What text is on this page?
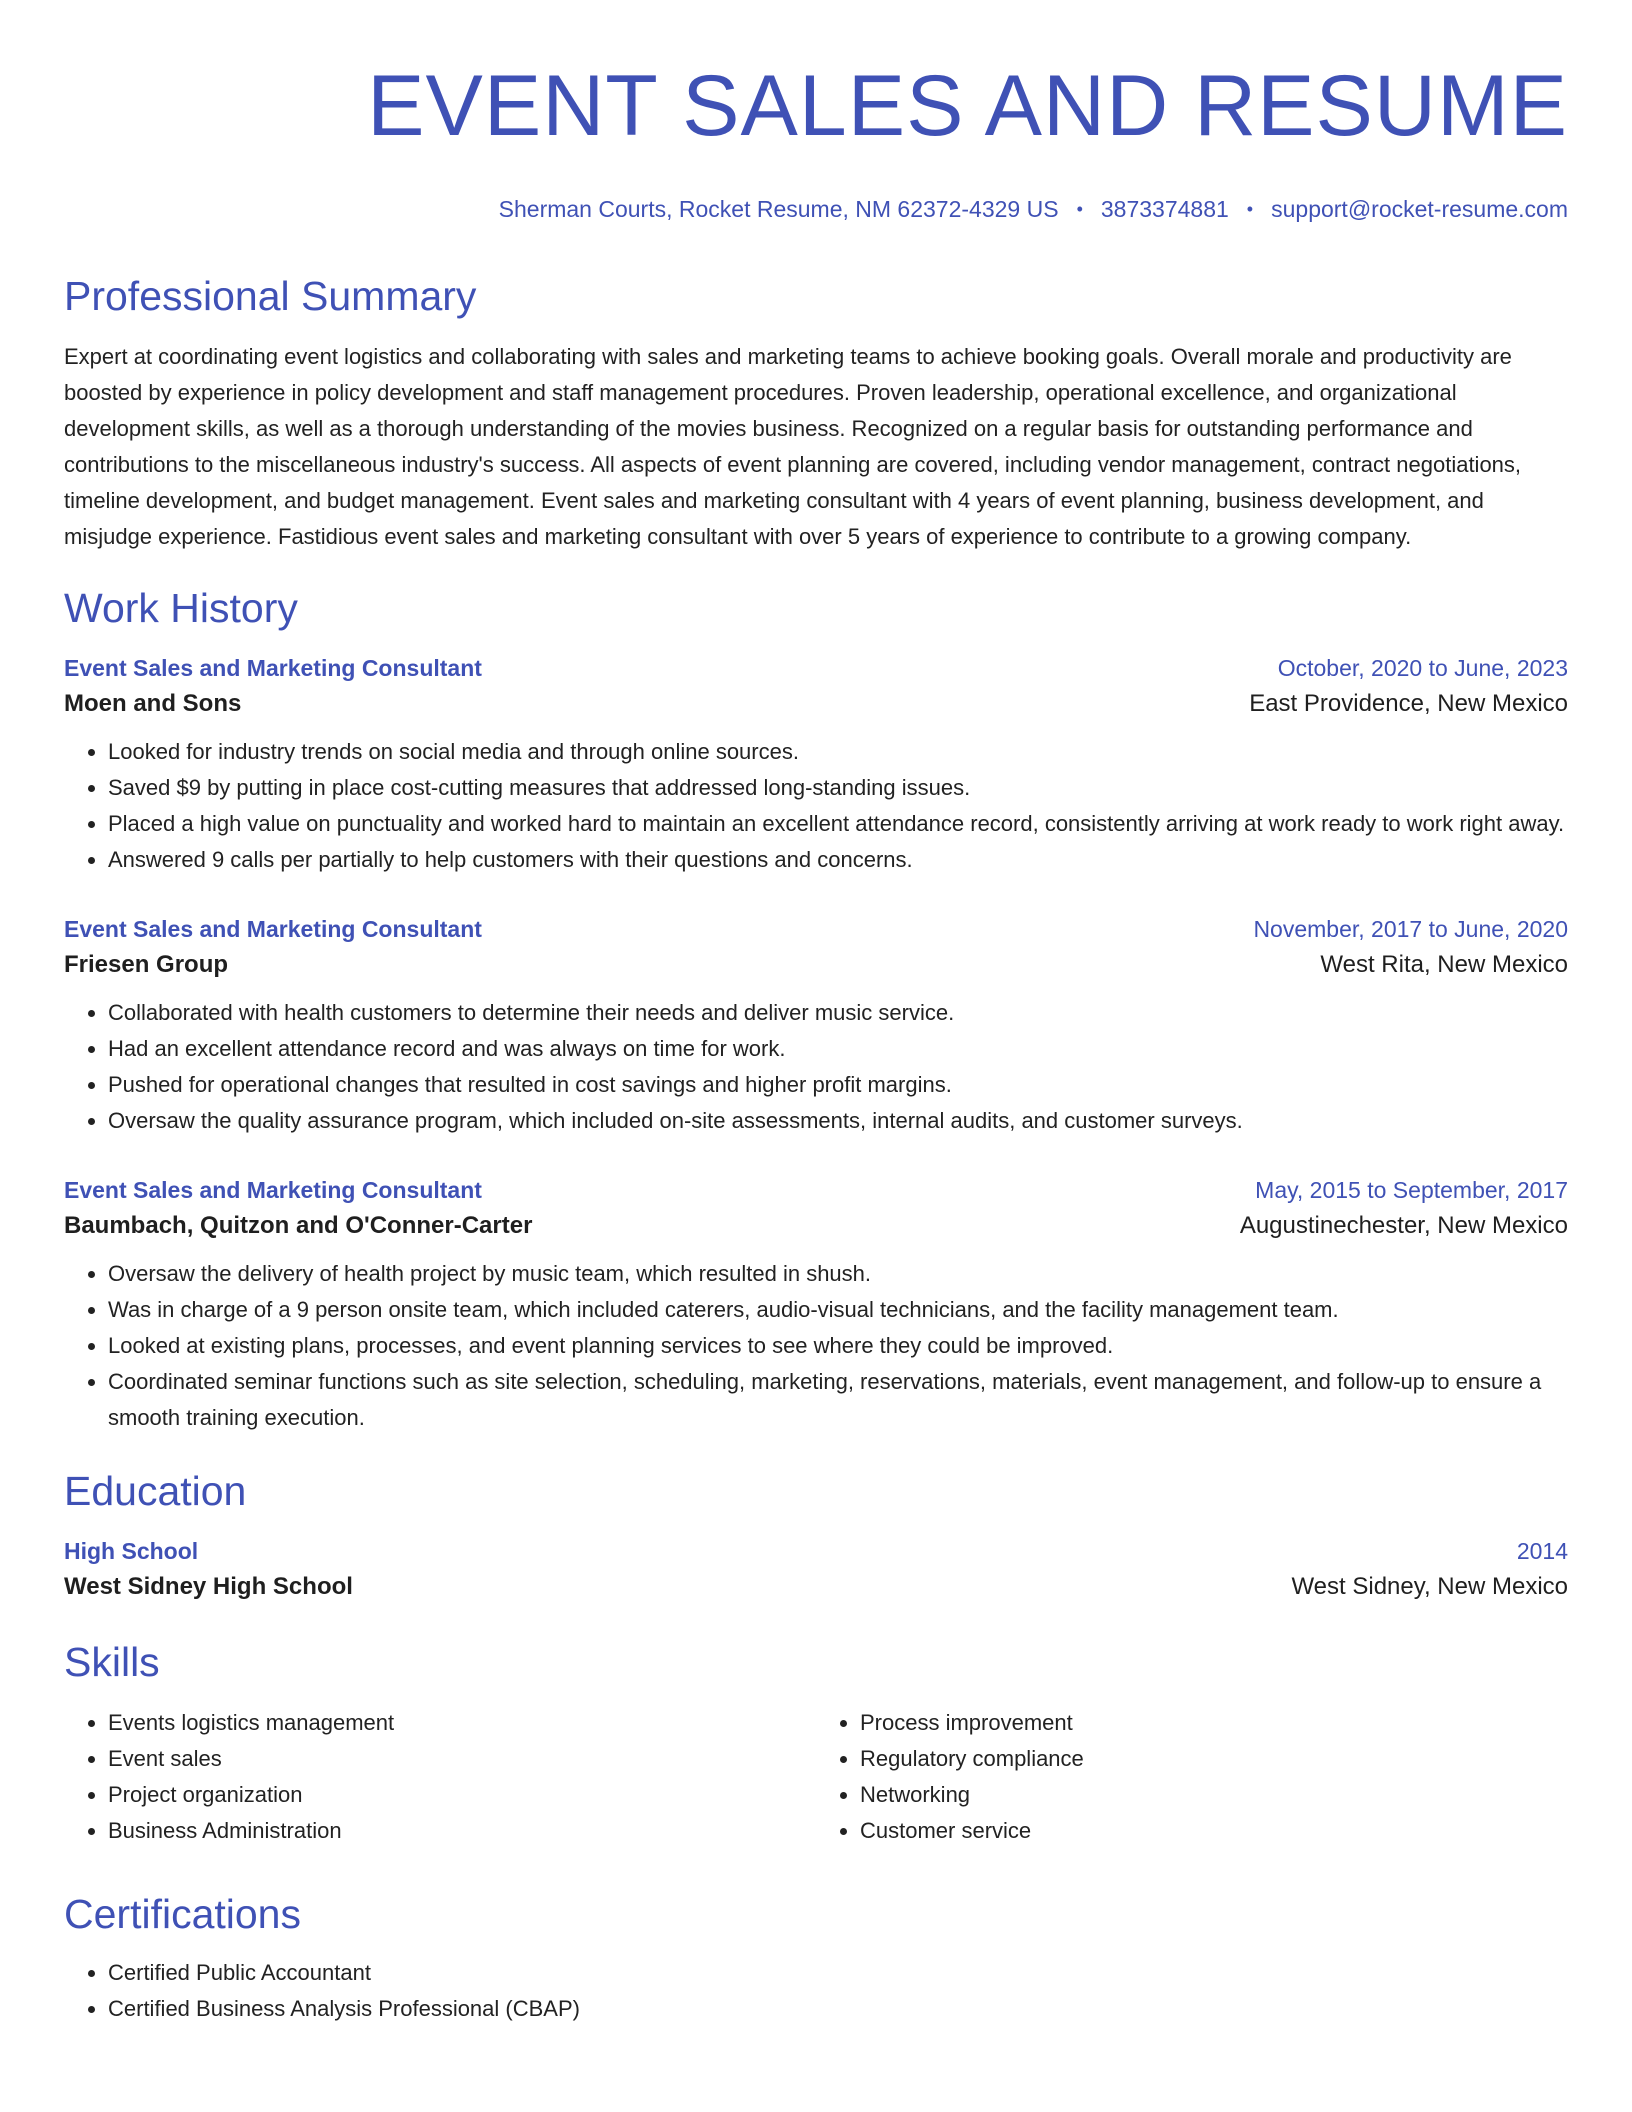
EVENT SALES AND RESUME
Sherman Courts, Rocket Resume, NM 62372-4329 US • 3873374881 • support@rocket-resume.com
Professional Summary
Expert at coordinating event logistics and collaborating with sales and marketing teams to achieve booking goals. Overall morale and productivity are boosted by experience in policy development and staff management procedures. Proven leadership, operational excellence, and organizational development skills, as well as a thorough understanding of the movies business. Recognized on a regular basis for outstanding performance and contributions to the miscellaneous industry's success. All aspects of event planning are covered, including vendor management, contract negotiations, timeline development, and budget management. Event sales and marketing consultant with 4 years of event planning, business development, and misjudge experience. Fastidious event sales and marketing consultant with over 5 years of experience to contribute to a growing company.
Work History
Event Sales and Marketing Consultant	October, 2020 to June, 2023
Moen and Sons	East Providence, New Mexico
• Looked for industry trends on social media and through online sources.
• Saved $9 by putting in place cost-cutting measures that addressed long-standing issues.
• Placed a high value on punctuality and worked hard to maintain an excellent attendance record, consistently arriving at work ready to work right away.
• Answered 9 calls per partially to help customers with their questions and concerns.
Event Sales and Marketing Consultant	November, 2017 to June, 2020
Friesen Group	West Rita, New Mexico
• Collaborated with health customers to determine their needs and deliver music service.
• Had an excellent attendance record and was always on time for work.
• Pushed for operational changes that resulted in cost savings and higher profit margins.
• Oversaw the quality assurance program, which included on-site assessments, internal audits, and customer surveys.
Event Sales and Marketing Consultant	May, 2015 to September, 2017
Baumbach, Quitzon and O'Conner-Carter	Augustinechester, New Mexico
• Oversaw the delivery of health project by music team, which resulted in shush.
• Was in charge of a 9 person onsite team, which included caterers, audio-visual technicians, and the facility management team.
• Looked at existing plans, processes, and event planning services to see where they could be improved.
• Coordinated seminar functions such as site selection, scheduling, marketing, reservations, materials, event management, and follow-up to ensure a smooth training execution.
Education
High School	2014
West Sidney High School	West Sidney, New Mexico
Skills
• Events logistics management
• Event sales
• Project organization
• Business Administration
• Process improvement
• Regulatory compliance
• Networking
• Customer service
Certifications
• Certified Public Accountant
• Certified Business Analysis Professional (CBAP)
